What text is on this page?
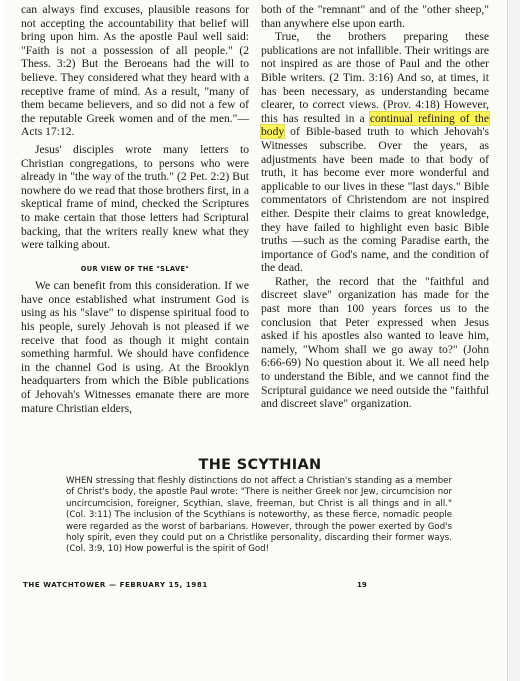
can always find excuses, plausible reasons for not accepting the accountability that belief will bring upon him. As the apostle Paul well said: "Faith is not a possession of all people." (2 Thess. 3:2) But the Beroeans had the will to believe. They considered what they heard with a receptive frame of mind. As a result, "many of them became believers, and so did not a few of the reputable Greek women and of the men."—Acts 17:12.

Jesus' disciples wrote many letters to Christian congregations, to persons who were already in "the way of the truth." (2 Pet. 2:2) But nowhere do we read that those brothers first, in a skeptical frame of mind, checked the Scriptures to make certain that those letters had Scriptural backing, that the writers really knew what they were talking about.

OUR VIEW OF THE "SLAVE"

We can benefit from this consideration. If we have once established what instrument God is using as his "slave" to dispense spiritual food to his people, surely Jehovah is not pleased if we receive that food as though it might contain something harmful. We should have confidence in the channel God is using. At the Brooklyn headquarters from which the Bible publications of Jehovah's Witnesses emanate there are more mature Christian elders,

both of the "remnant" and of the "other sheep," than anywhere else upon earth.

True, the brothers preparing these publications are not infallible. Their writings are not inspired as are those of Paul and the other Bible writers. (2 Tim. 3:16) And so, at times, it has been necessary, as understanding became clearer, to correct views. (Prov. 4:18) However, this has resulted in a continual refining of the body of Bible-based truth to which Jehovah's Witnesses subscribe. Over the years, as adjustments have been made to that body of truth, it has become ever more wonderful and applicable to our lives in these "last days." Bible commentators of Christendom are not inspired either. Despite their claims to great knowledge, they have failed to highlight even basic Bible truths —such as the coming Paradise earth, the importance of God's name, and the condition of the dead.

Rather, the record that the "faithful and discreet slave" organization has made for the past more than 100 years forces us to the conclusion that Peter expressed when Jesus asked if his apostles also wanted to leave him, namely, "Whom shall we go away to?" (John 6:66-69) No question about it. We all need help to understand the Bible, and we cannot find the Scriptural guidance we need outside the "faithful and discreet slave" organization.

THE SCYTHIAN
WHEN stressing that fleshly distinctions do not affect a Christian's standing as a member of Christ's body, the apostle Paul wrote: "There is neither Greek nor Jew, circumcision nor uncircumcision, foreigner, Scythian, slave, freeman, but Christ is all things and in all." (Col. 3:11) The inclusion of the Scythians is noteworthy, as these fierce, nomadic people were regarded as the worst of barbarians. However, through the power exerted by God's holy spirit, even they could put on a Christlike personality, discarding their former ways. (Col. 3:9, 10) How powerful is the spirit of God!
THE WATCHTOWER — FEBRUARY 15, 1981	19
